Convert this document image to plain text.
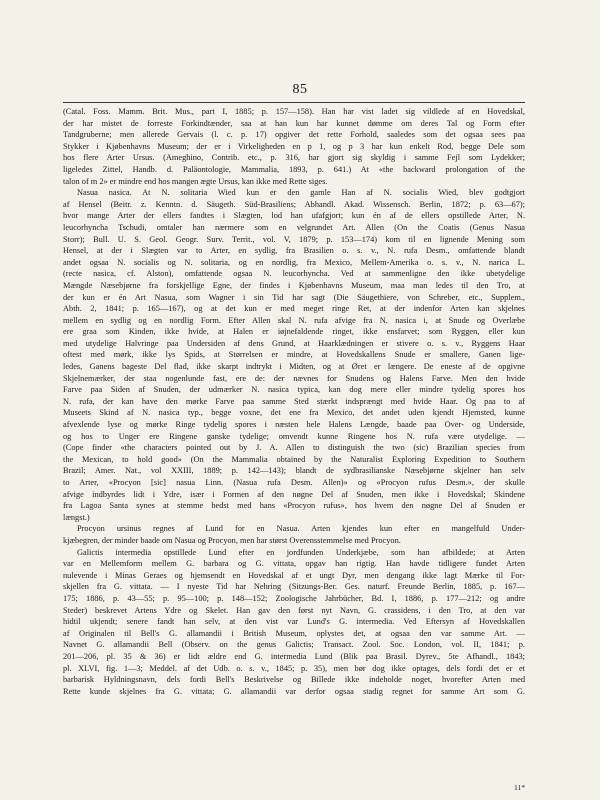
85
(Catal. Foss. Mamm. Brit. Mus., part I, 1885; p. 157—158). Han har vist ladet sig vildlede af en Hovedskal,
der har mistet de forreste Forkindtænder, saa at han kun har kunnet dømme om deres Tal og Form efter
Tandgruberne; men allerede Gervais (l. c. p. 17) opgiver det rette Forhold, saaledes som det ogsaa sees paa
Stykker i Kjøbenhavns Museum; der er i Virkeligheden en p 1, og p 3 har kun enkelt Rod, begge Dele som
hos flere Arter Ursus. (Ameghino, Contrib. etc., p. 316, har gjort sig skyldig i samme Fejl som Lydekker;
ligeledes Zittel, Handb. d. Paläontologie, Mammalia, 1893, p. 641.) At «the backward prolongation of the
talon of m 2» er mindre end hos mangen ægte Ursus, kan ikke med Rette siges.
Nasua nasica. At N. solitaria Wied kun er den gamle Han af N. socialis Wied, blev godtgjort
af Hensel (Beitr. z. Kenntn. d. Säugeth. Süd-Brasiliens; Abhandl. Akad. Wissensch. Berlin, 1872; p. 63—67);
hvor mange Arter der ellers fandtes i Slægten, lod han ufafgjort; kun én af de ellers opstillede Arter, N.
leucorhyncha Tschudi, omtaler han nærmere som en velgrundet Art. Allen (On the Coatis (Genus Nasua
Storr); Bull. U. S. Geol. Geogr. Surv. Territ., vol. V, 1879; p. 153—174) kom til en lignende Mening som
Hensel, at der i Slægten var to Arter, en sydlig, fra Brasilien o. s. v., N. rufa Desm., omfattende blandt
andet ogsaa N. socialis og N. solitaria, og en nordlig, fra Mexico, Mellem-Amerika o. s. v., N. narica L.
(recte nasica, cf. Alston), omfattende ogsaa N. leucorhyncha. Ved at sammenligne den ikke ubetydelige
Mængde Næsebjørne fra forskjellige Egne, der findes i Kjøbenhavns Museum, maa man ledes til den Tro, at
der kun er én Art Nasua, som Wagner i sin Tid har sagt (Die Säugethiere, von Schreber, etc., Supplem.,
Abth. 2, 1841; p. 165—167), og at det kun er med meget ringe Ret, at der indenfor Arten kan skjelnes
mellem en sydlig og en nordlig Form. Efter Allen skal N. rufa afvige fra N. nasica i, at Snude og Overlæbe
ere graa som Kinden, ikke hvide, at Halen er iøjnefaldende ringet, ikke ensfarvet; som Ryggen, eller kun
med utydelige Halvringe paa Undersiden af dens Grund, at Haarklædningen er stivere o. s. v., Ryggens Haar
oftest med mørk, ikke lys Spids, at Størrelsen er mindre, at Hovedskallens Snude er smallere, Ganen lige-
ledes, Ganens bageste Del flad, ikke skarpt indtrykt i Midten, og at Øret er længere. De eneste af de opgivne
Skjelnemærker, der staa nogenlunde fast, ere de: der nævnes for Snudens og Halens Farve. Men den hvide
Farve paa Siden af Snuden, der udmærker N. nasica typica, kan dog mere eller mindre tydelig spores hos
N. rufa, der kan have den mørke Farve paa samme Sted stærkt indsprængt med hvide Haar. Og paa to af
Museets Skind af N. nasica typ., begge voxne, det ene fra Mexico, det andet uden kjendt Hjemsted, kunne
afvexlende lyse og mørke Ringe tydelig spores i næsten hele Halens Længde, baade paa Over- og Underside,
og hos to Unger ere Ringene ganske tydelige; omvendt kunne Ringene hos N. rufa være utydelige. —
(Cope finder «the characters pointed out by J. A. Allen to distinguish the two (sic) Brazilian species from
the Mexican, to hold good» (On the Mammalia obtained by the Naturalist Exploring Expedition to Southern
Brazil; Amer. Nat., vol XXIII, 1889; p. 142—143); blandt de sydbrasilianske Næsebjørne skjelner han selv
to Arter, «Procyon [sic] nasua Linn. (Nasua rufa Desm. Allen)» og «Procyon rufus Desm.», der skulle
afvige indbyrdes lidt i Ydre, især i Formen af den nøgne Del af Snuden, men ikke i Hovedskal; Skindene
fra Lagoa Santa synes at stemme bedst med hans «Procyon rufus», hos hvem den nøgne Del af Snuden er
længst.)
Procyon ursinus regnes af Lund for en Nasua. Arten kjendes kun efter en mangelfuld Under-
kjæbegren, der minder baade om Nasua og Procyon, men har størst Overensstemmelse med Procyon.
Galictis intermedia opstillede Lund efter en jordfunden Underkjæbe, som han afbildede; at Arten
var en Mellemform mellem G. barbara og G. vittata, opgav han rigtig. Han havde tidligere fundet Arten
nulevende i Minas Geraes og hjemsendt en Hovedskal af et ungt Dyr, men dengang ikke lagt Mærke til For-
skjellen fra G. vittata. — I nyeste Tid har Nehring (Sitzungs-Ber. Ges. naturf. Freunde Berlin, 1885, p. 167—
175; 1886, p. 43—55; p. 95—100; p. 148—152; Zoologische Jahrbücher, Bd. I, 1886, p. 177—212; og andre
Steder) beskrevet Artens Ydre og Skelet. Han gav den først nyt Navn, G. crassidens, i den Tro, at den var
hidtil ukjendt; senere fandt han selv, at den vist var Lund's G. intermedia. Ved Eftersyn af Hovedskallen
af Originalen til Bell's G. allamandii i British Museum, oplystes det, at ogsaa den var samme Art. —
Navnet G. allamandii Bell (Observ. on the genus Galictis; Transact. Zool. Soc. London, vol. II, 1841; p.
201—206, pl. 35 & 36) er lidt ældre end G. intermedia Lund (Blik paa Brasil. Dyrev., 5te Afhandl., 1843;
pl. XLVI, fig. 1—3; Meddel. af det Udb. o. s. v., 1845; p. 35), men bør dog ikke optages, dels fordi det er et
barbarisk Hyldningsnavn, dels fordi Bell's Beskrivelse og Billede ikke indeholde noget, hvorefter Arten med
Rette kunde skjelnes fra G. vittata; G. allamandii var derfor ogsaa stadig regnet for samme Art som G.
11*
